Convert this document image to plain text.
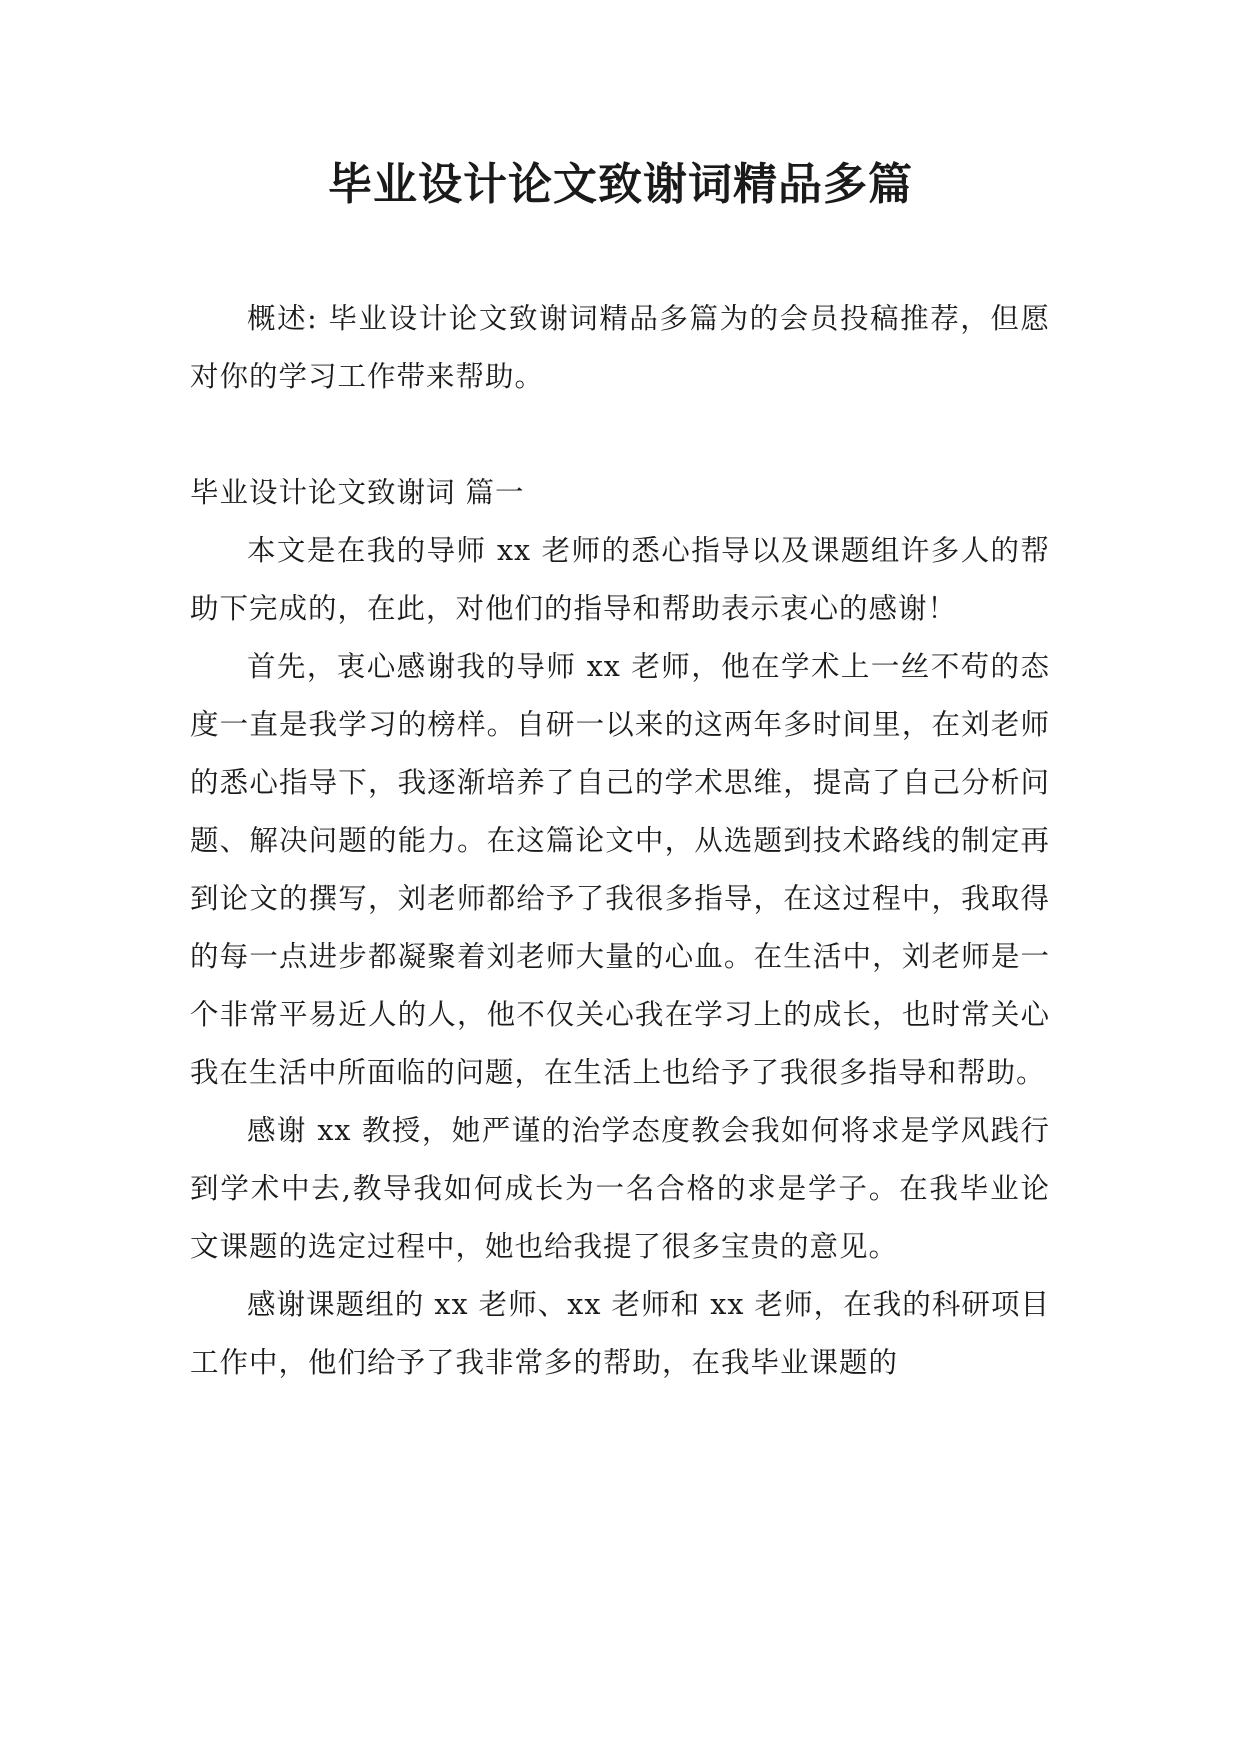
毕业设计论文致谢词精品多篇

概述: 毕业设计论文致谢词精品多篇为的会员投稿推荐，但愿对你的学习工作带来帮助。

毕业设计论文致谢词 篇一

本文是在我的导师 xx 老师的悉心指导以及课题组许多人的帮助下完成的，在此，对他们的指导和帮助表示衷心的感谢！

首先，衷心感谢我的导师 xx 老师，他在学术上一丝不苟的态度一直是我学习的榜样。自研一以来的这两年多时间里，在刘老师的悉心指导下，我逐渐培养了自己的学术思维，提高了自己分析问题、解决问题的能力。在这篇论文中，从选题到技术路线的制定再到论文的撰写，刘老师都给予了我很多指导，在这过程中，我取得的每一点进步都凝聚着刘老师大量的心血。在生活中，刘老师是一个非常平易近人的人，他不仅关心我在学习上的成长，也时常关心我在生活中所面临的问题，在生活上也给予了我很多指导和帮助。

感谢 xx 教授，她严谨的治学态度教会我如何将求是学风践行到学术中去,教导我如何成长为一名合格的求是学子。在我毕业论文课题的选定过程中，她也给我提了很多宝贵的意见。

感谢课题组的 xx 老师、xx 老师和 xx 老师，在我的科研项目工作中，他们给予了我非常多的帮助，在我毕业课题的
